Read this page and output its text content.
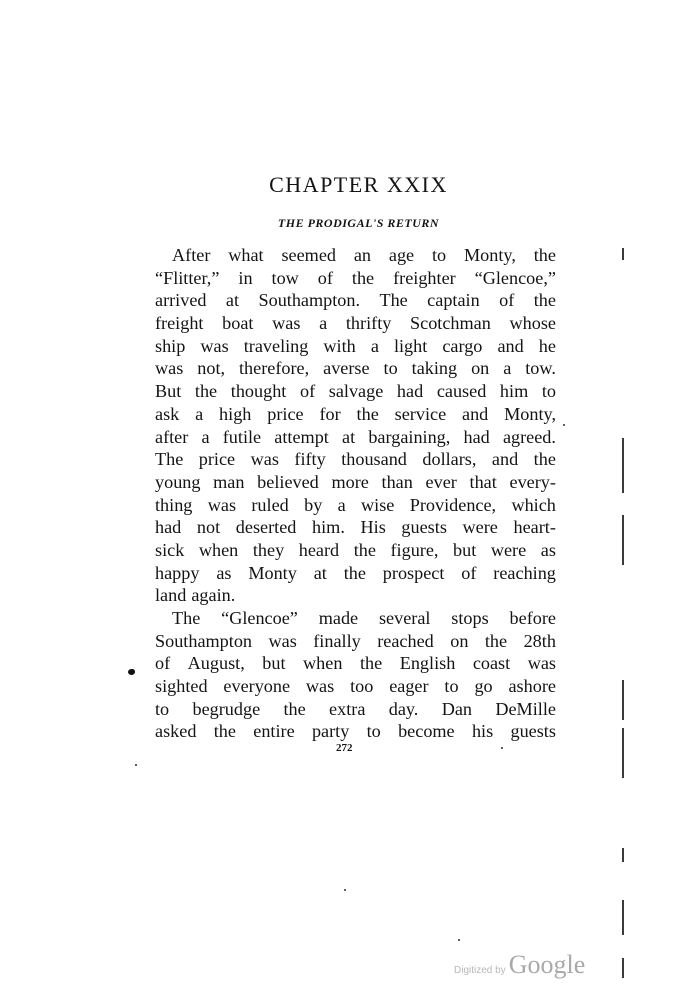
CHAPTER XXIX
THE PRODIGAL'S RETURN
After what seemed an age to Monty, the
“Flitter,” in tow of the freighter “Glencoe,”
arrived at Southampton. The captain of the
freight boat was a thrifty Scotchman whose
ship was traveling with a light cargo and he
was not, therefore, averse to taking on a tow.
But the thought of salvage had caused him to
ask a high price for the service and Monty,
after a futile attempt at bargaining, had agreed.
The price was fifty thousand dollars, and the
young man believed more than ever that every-
thing was ruled by a wise Providence, which
had not deserted him. His guests were heart-
sick when they heard the figure, but were as
happy as Monty at the prospect of reaching
land again.
The “Glencoe” made several stops before
Southampton was finally reached on the 28th
of August, but when the English coast was
sighted everyone was too eager to go ashore
to begrudge the extra day. Dan DeMille
asked the entire party to become his guests
272
Digitized by Google
